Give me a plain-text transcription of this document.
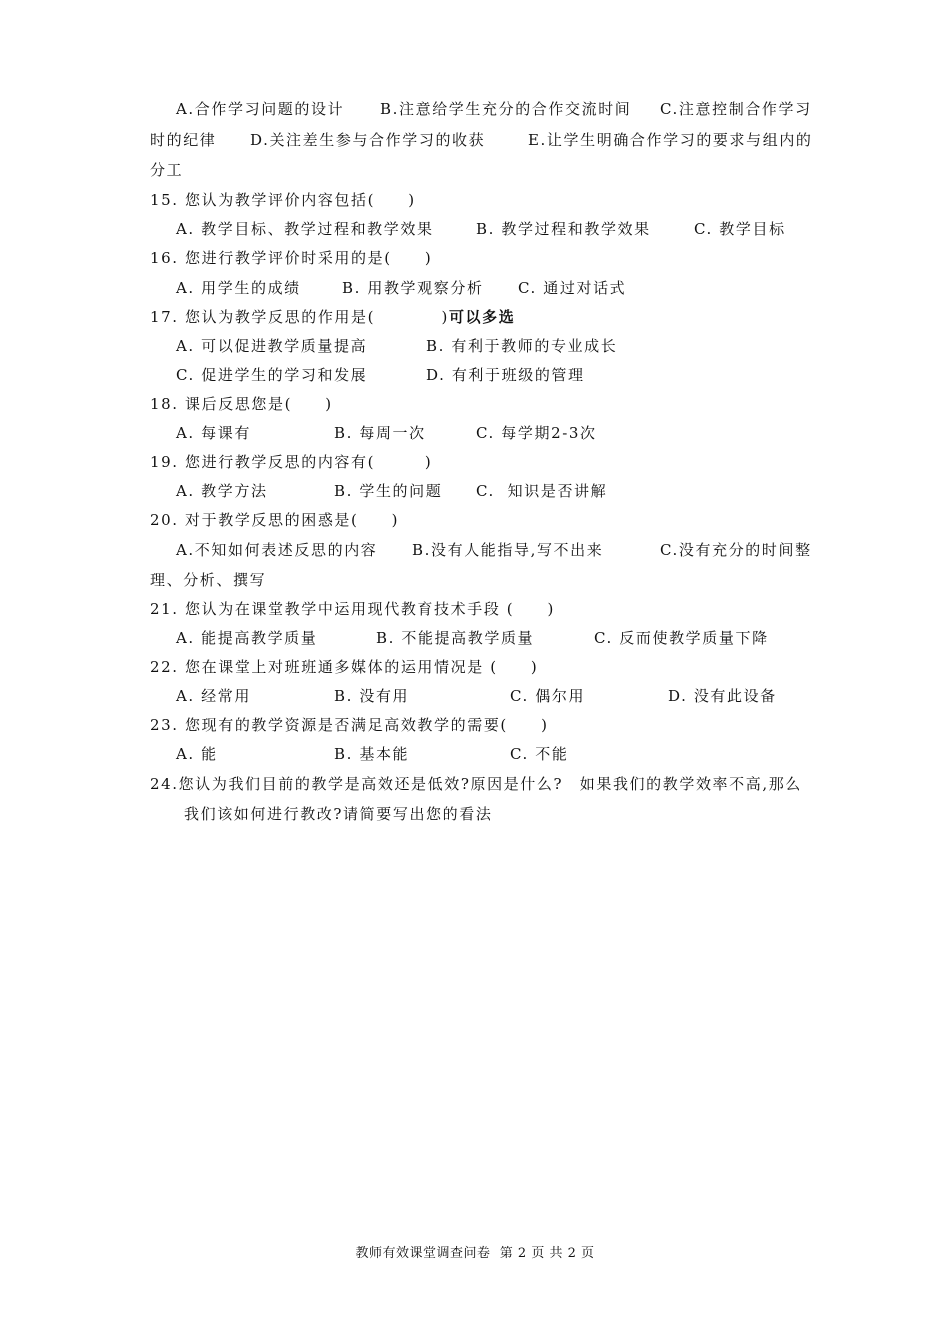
A.合作学习问题的设计 B.注意给学生充分的合作交流时间 C.注意控制合作学习
时的纪律 D.关注差生参与合作学习的收获	E.让学生明确合作学习的要求与组内的
分工
15. 您认为教学评价内容包括(　　)
A. 教学目标、教学过程和教学效果	B. 教学过程和教学效果	C. 教学目标
16. 您进行教学评价时采用的是(　　)
A. 用学生的成绩	B. 用教学观察分析 C. 通过对话式
17. 您认为教学反思的作用是(　　　　)可以多选
A. 可以促进教学质量提高	B. 有利于教师的专业成长
C. 促进学生的学习和发展	D. 有利于班级的管理
18. 课后反思您是(　　)
A. 每课有	B. 每周一次	C. 每学期2-3次
19. 您进行教学反思的内容有(　　　)
A. 教学方法	B. 学生的问题 C.  知识是否讲解
20. 对于教学反思的困惑是(　　)
A.不知如何表述反思的内容 B.没有人能指导,写不出来	C.没有充分的时间整
理、分析、撰写
21. 您认为在课堂教学中运用现代教育技术手段 (　　)
A. 能提高教学质量	B. 不能提高教学质量	C. 反而使教学质量下降
22. 您在课堂上对班班通多媒体的运用情况是 (　　)
A. 经常用	B. 没有用	C. 偶尔用	D. 没有此设备
23. 您现有的教学资源是否满足高效教学的需要(　　)
A. 能	B. 基本能	C. 不能
24.您认为我们目前的教学是高效还是低效?原因是什么?　如果我们的教学效率不高,那么
我们该如何进行教改?请简要写出您的看法
教师有效课堂调查问卷  第 2 页 共 2 页
